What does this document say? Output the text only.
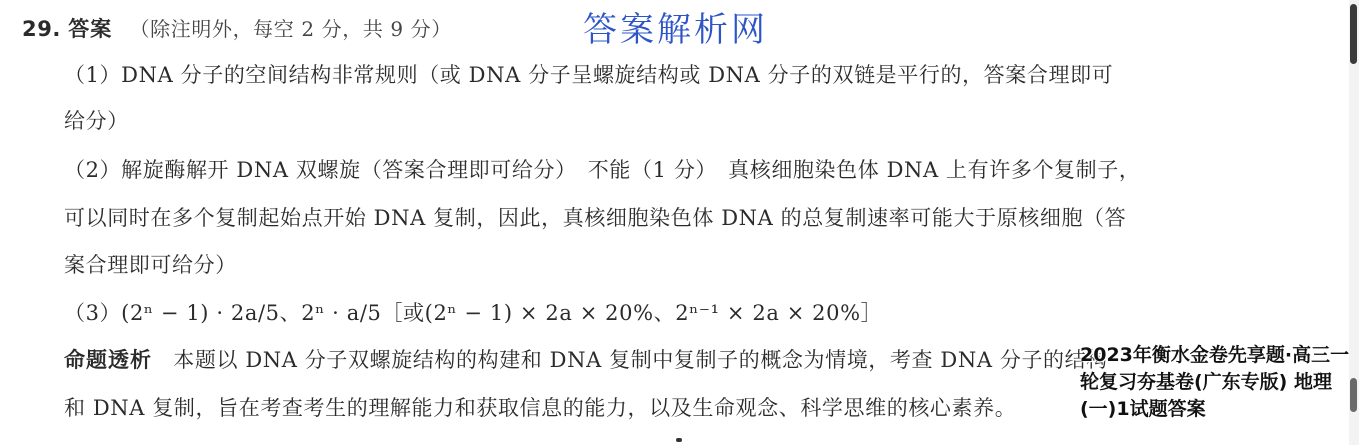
29. 答案 （除注明外，每空 2 分，共 9 分）	答案解析网
（1）DNA 分子的空间结构非常规则（或 DNA 分子呈螺旋结构或 DNA 分子的双链是平行的，答案合理即可
给分）
（2）解旋酶解开 DNA 双螺旋（答案合理即可给分）　不能（1 分）　真核细胞染色体 DNA 上有许多个复制子，
可以同时在多个复制起始点开始 DNA 复制，因此，真核细胞染色体 DNA 的总复制速率可能大于原核细胞（答
案合理即可给分）
（3）(2ⁿ − 1) · 2a/5、2ⁿ · a/5［或(2ⁿ − 1) × 2a × 20%、2ⁿ⁻¹ × 2a × 20%］
命题透析 本题以 DNA 分子双螺旋结构的构建和 DNA 复制中复制子的概念为情境，考查 DNA 分子的结构
和 DNA 复制，旨在考查考生的理解能力和获取信息的能力，以及生命观念、科学思维的核心素养。
2023年衡水金卷先享题·高三一轮复习夯基卷(广东专版) 地理(一)1试题答案
